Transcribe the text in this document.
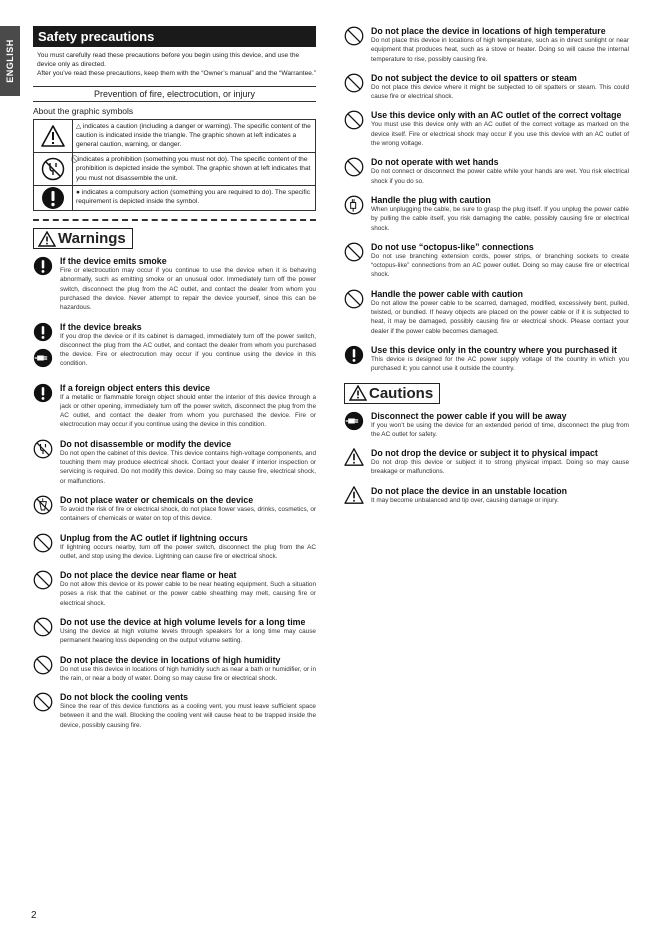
ENGLISH
Safety precautions

You must carefully read these precautions before you begin using this device, and use the device only as directed.

After you've read these precautions, keep them with the “Owner’s manual” and the “Warrantee.”

Prevention of fire, electrocution, or injury
About the graphic symbols
△ indicates a caution (including a danger or warning). The specific content of the caution is indicated inside the triangle. The graphic shown at left indicates a general caution, warning, or danger.
⃠ indicates a prohibition (something you must not do). The specific content of the prohibition is depicted inside the symbol. The graphic shown at left indicates that you must not disassemble the unit.
● indicates a compulsory action (something you are required to do). The specific requirement is depicted inside the symbol.
Warnings
If the device emits smoke
Fire or electrocution may occur if you continue to use the device when it is behaving abnormally, such as emitting smoke or an unusual odor. Immediately turn off the power switch, disconnect the plug from the AC outlet, and contact the dealer from whom you purchased the device. Never attempt to repair the device yourself, since this can be hazardous.
If the device breaks
If you drop the device or if its cabinet is damaged, immediately turn off the power switch, disconnect the plug from the AC outlet, and contact the dealer from whom you purchased the device. Fire or electrocution may occur if you continue using the device in this condition.
If a foreign object enters this device
If a metallic or flammable foreign object should enter the interior of this device through a jack or other opening, immediately turn off the power switch, disconnect the plug from the AC outlet, and contact the dealer from whom you purchased the device. Fire or electrocution may occur if you continue using the device in this condition.
Do not disassemble or modify the device
Do not open the cabinet of this device. This device contains high-voltage components, and touching them may produce electrical shock. Contact your dealer if interior inspection or servicing is required. Do not modify this device. Doing so may cause fire, electrical shock, or malfunctions.
Do not place water or chemicals on the device
To avoid the risk of fire or electrical shock, do not place flower vases, drinks, cosmetics, or containers of chemicals or water on top of this device.
Unplug from the AC outlet if lightning occurs
If lightning occurs nearby, turn off the power switch, disconnect the plug from the AC outlet, and stop using the device. Lightning can cause fire or electrical shock.
Do not place the device near flame or heat
Do not allow this device or its power cable to be near heating equipment. Such a situation poses a risk that the cabinet or the power cable sheathing may melt, causing fire or electrical shock.
Do not use the device at high volume levels for a long time
Using the device at high volume levels through speakers for a long time may cause permanent hearing loss depending on the output volume setting.
Do not place the device in locations of high humidity
Do not use this device in locations of high humidity such as near a bath or humidifier, or in the rain, or near a body of water. Doing so may cause fire or electrical shock.
Do not block the cooling vents
Since the rear of this device functions as a cooling vent, you must leave sufficient space between it and the wall. Blocking the cooling vent will cause heat to be trapped inside the device, possibly causing fire.
Do not place the device in locations of high temperature
Do not place this device in locations of high temperature, such as in direct sunlight or near equipment that produces heat, such as a stove or heater. Doing so will cause the internal temperature to rise, possibly causing fire.
Do not subject the device to oil spatters or steam
Do not place this device where it might be subjected to oil spatters or steam. This could cause fire or electrical shock.
Use this device only with an AC outlet of the correct voltage
You must use this device only with an AC outlet of the correct voltage as marked on the device itself. Fire or electrical shock may occur if you use this device with an AC outlet of the wrong voltage.
Do not operate with wet hands
Do not connect or disconnect the power cable while your hands are wet. You risk electrical shock if you do so.
Handle the plug with caution
When unplugging the cable, be sure to grasp the plug itself. If you unplug the power cable by pulling the cable itself, you risk damaging the cable, possibly causing fire or electrical shock.
Do not use “octopus-like” connections
Do not use branching extension cords, power strips, or branching sockets to create “octopus-like” connections from an AC power outlet. Doing so may cause fire or electrical shock.
Handle the power cable with caution
Do not allow the power cable to be scarred, damaged, modified, excessively bent, pulled, twisted, or bundled. If heavy objects are placed on the power cable or if it is subjected to heat, it may be damaged, possibly causing fire or electrical shock. Please contact your dealer if the power cable becomes damaged.
Use this device only in the country where you purchased it
This device is designed for the AC power supply voltage of the country in which you purchased it; you cannot use it outside the country.
Cautions
Disconnect the power cable if you will be away
If you won’t be using the device for an extended period of time, disconnect the plug from the AC outlet for safety.
Do not drop the device or subject it to physical impact
Do not drop this device or subject it to strong physical impact. Doing so may cause breakage or malfunctions.
Do not place the device in an unstable location
It may become unbalanced and tip over, causing damage or injury.
2
